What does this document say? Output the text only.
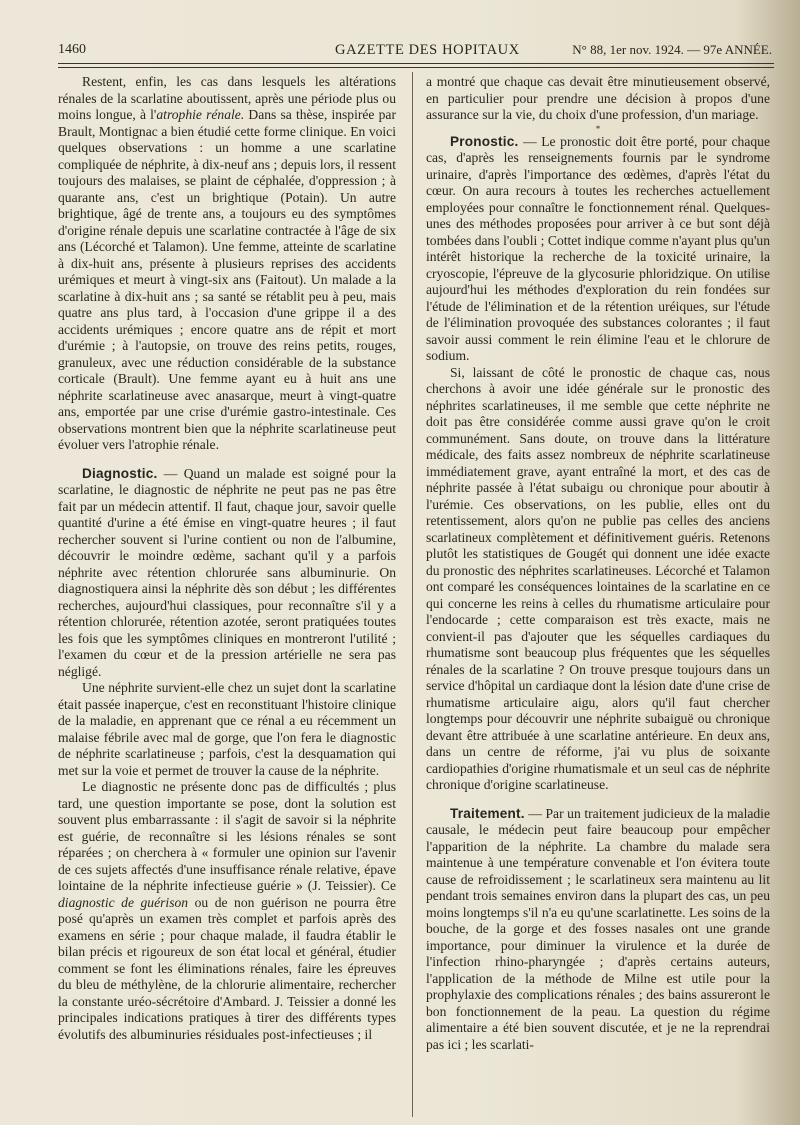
1460	GAZETTE DES HOPITAUX	N° 88, 1er nov. 1924. — 97e ANNÉE.

Restent, enfin, les cas dans lesquels les altérations rénales de la scarlatine aboutissent, après une période plus ou moins longue, à l'atrophie rénale. Dans sa thèse, inspirée par Brault, Montignac a bien étudié cette forme clinique. En voici quelques observations : un homme a une scarlatine compliquée de néphrite, à dix-neuf ans ; depuis lors, il ressent toujours des malaises, se plaint de céphalée, d'oppression ; à quarante ans, c'est un brightique (Potain). Un autre brightique, âgé de trente ans, a toujours eu des symptômes d'origine rénale depuis une scarlatine contractée à l'âge de six ans (Lécorché et Talamon). Une femme, atteinte de scarlatine à dix-huit ans, présente à plusieurs reprises des accidents urémiques et meurt à vingt-six ans (Faitout). Un malade a la scarlatine à dix-huit ans ; sa santé se rétablit peu à peu, mais quatre ans plus tard, à l'occasion d'une grippe il a des accidents urémiques ; encore quatre ans de répit et mort d'urémie ; à l'autopsie, on trouve des reins petits, rouges, granuleux, avec une réduction considérable de la substance corticale (Brault). Une femme ayant eu à huit ans une néphrite scarlatineuse avec anasarque, meurt à vingt-quatre ans, emportée par une crise d'urémie gastro-intestinale. Ces observations montrent bien que la néphrite scarlatineuse peut évoluer vers l'atrophie rénale.

Diagnostic. — Quand un malade est soigné pour la scarlatine, le diagnostic de néphrite ne peut pas ne pas être fait par un médecin attentif. Il faut, chaque jour, savoir quelle quantité d'urine a été émise en vingt-quatre heures ; il faut rechercher souvent si l'urine contient ou non de l'albumine, découvrir le moindre œdème, sachant qu'il y a parfois néphrite avec rétention chlorurée sans albuminurie. On diagnostiquera ainsi la néphrite dès son début ; les différentes recherches, aujourd'hui classiques, pour reconnaître s'il y a rétention chlorurée, rétention azotée, seront pratiquées toutes les fois que les symptômes cliniques en montreront l'utilité ; l'examen du cœur et de la pression artérielle ne sera pas négligé.

Une néphrite survient-elle chez un sujet dont la scarlatine était passée inaperçue, c'est en reconstituant l'histoire clinique de la maladie, en apprenant que ce rénal a eu récemment un malaise fébrile avec mal de gorge, que l'on fera le diagnostic de néphrite scarlatineuse ; parfois, c'est la desquamation qui met sur la voie et permet de trouver la cause de la néphrite.

Le diagnostic ne présente donc pas de difficultés ; plus tard, une question importante se pose, dont la solution est souvent plus embarrassante : il s'agit de savoir si la néphrite est guérie, de reconnaître si les lésions rénales se sont réparées ; on cherchera à « formuler une opinion sur l'avenir de ces sujets affectés d'une insuffisance rénale relative, épave lointaine de la néphrite infectieuse guérie » (J. Teissier). Ce diagnostic de guérison ou de non guérison ne pourra être posé qu'après un examen très complet et parfois après des examens en série ; pour chaque malade, il faudra établir le bilan précis et rigoureux de son état local et général, étudier comment se font les éliminations rénales, faire les épreuves du bleu de méthylène, de la chlorurie alimentaire, rechercher la constante uréo-sécrétoire d'Ambard. J. Teissier a donné les principales indications pratiques à tirer des différents types évolutifs des albuminuries résiduales post-infectieuses ; il

a montré que chaque cas devait être minutieusement observé, en particulier pour prendre une décision à propos d'une assurance sur la vie, du choix d'une profession, d'un mariage.

*

Pronostic. — Le pronostic doit être porté, pour chaque cas, d'après les renseignements fournis par le syndrome urinaire, d'après l'importance des œdèmes, d'après l'état du cœur. On aura recours à toutes les recherches actuellement employées pour connaître le fonctionnement rénal. Quelques-unes des méthodes proposées pour arriver à ce but sont déjà tombées dans l'oubli ; Cottet indique comme n'ayant plus qu'un intérêt historique la recherche de la toxicité urinaire, la cryoscopie, l'épreuve de la glycosurie phloridzique. On utilise aujourd'hui les méthodes d'exploration du rein fondées sur l'étude de l'élimination et de la rétention uréiques, sur l'étude de l'élimination provoquée des substances colorantes ; il faut savoir aussi comment le rein élimine l'eau et le chlorure de sodium.

Si, laissant de côté le pronostic de chaque cas, nous cherchons à avoir une idée générale sur le pronostic des néphrites scarlatineuses, il me semble que cette néphrite ne doit pas être considérée comme aussi grave qu'on le croit communément. Sans doute, on trouve dans la littérature médicale, des faits assez nombreux de néphrite scarlatineuse immédiatement grave, ayant entraîné la mort, et des cas de néphrite passée à l'état subaigu ou chronique pour aboutir à l'urémie. Ces observations, on les publie, elles ont du retentissement, alors qu'on ne publie pas celles des anciens scarlatineux complètement et définitivement guéris. Retenons plutôt les statistiques de Gougét qui donnent une idée exacte du pronostic des néphrites scarlatineuses. Lécorché et Talamon ont comparé les conséquences lointaines de la scarlatine en ce qui concerne les reins à celles du rhumatisme articulaire pour l'endocarde ; cette comparaison est très exacte, mais ne convient-il pas d'ajouter que les séquelles cardiaques du rhumatisme sont beaucoup plus fréquentes que les séquelles rénales de la scarlatine ? On trouve presque toujours dans un service d'hôpital un cardiaque dont la lésion date d'une crise de rhumatisme articulaire aigu, alors qu'il faut chercher longtemps pour découvrir une néphrite subaiguë ou chronique devant être attribuée à une scarlatine antérieure. En deux ans, dans un centre de réforme, j'ai vu plus de soixante cardiopathies d'origine rhumatismale et un seul cas de néphrite chronique d'origine scarlatineuse.

Traitement. — Par un traitement judicieux de la maladie causale, le médecin peut faire beaucoup pour empêcher l'apparition de la néphrite. La chambre du malade sera maintenue à une température convenable et l'on évitera toute cause de refroidissement ; le scarlatineux sera maintenu au lit pendant trois semaines environ dans la plupart des cas, un peu moins longtemps s'il n'a eu qu'une scarlatinette. Les soins de la bouche, de la gorge et des fosses nasales ont une grande importance, pour diminuer la virulence et la durée de l'infection rhino-pharyngée ; d'après certains auteurs, l'application de la méthode de Milne est utile pour la prophylaxie des complications rénales ; des bains assureront le bon fonctionnement de la peau. La question du régime alimentaire a été bien souvent discutée, et je ne la reprendrai pas ici ; les scarlati-
